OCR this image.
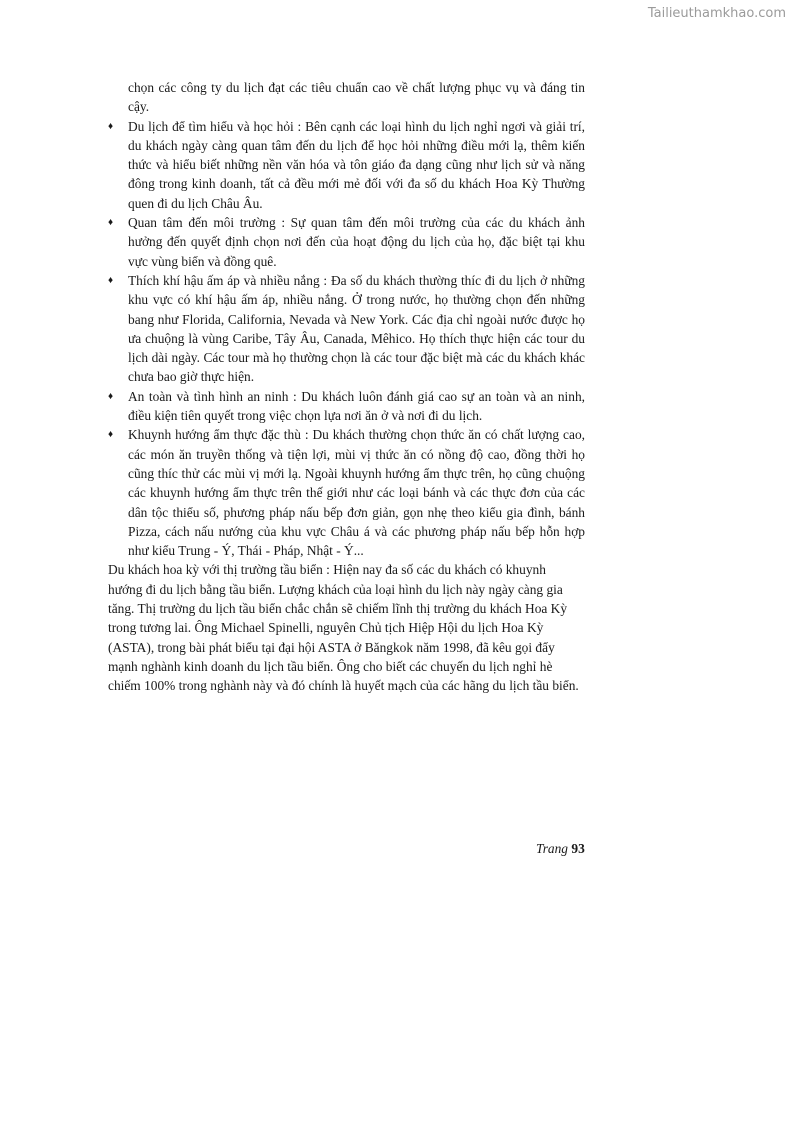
Tailieuthamkhao.com
chọn các công ty du lịch đạt các tiêu chuẩn cao về chất lượng phục vụ và đáng tin cậy.
♦ Du lịch để tìm hiểu và học hỏi : Bên cạnh các loại hình du lịch nghỉ ngơi và giải trí, du khách ngày càng quan tâm đến du lịch để học hỏi những điều mới lạ, thêm kiến thức và hiểu biết những nền văn hóa và tôn giáo đa dạng cũng như lịch sử và năng đông trong kinh doanh, tất cả đều mới mẻ đối với đa số du khách Hoa Kỳ Thường quen đi du lịch Châu Âu.
♦ Quan tâm đến môi trường : Sự quan tâm đến môi trường của các du khách ảnh hưởng đến quyết định chọn nơi đến của hoạt động du lịch của họ, đặc biệt tại khu vực vùng biển và đồng quê.
♦ Thích khí hậu ấm áp và nhiều nắng : Đa số du khách thường thíc đi du lịch ở những khu vực có khí hậu ấm áp, nhiều nắng. Ở trong nước, họ thường chọn đến những bang như Florida, California, Nevada và New York. Các địa chỉ ngoài nước được họ ưa chuộng là vùng Caribe, Tây Âu, Canada, Mêhico. Họ thích thực hiện các tour du lịch dài ngày. Các tour mà họ thường chọn là các tour đặc biệt mà các du khách khác chưa bao giờ thực hiện.
♦ An toàn và tình hình an ninh : Du khách luôn đánh giá cao sự an toàn và an ninh, điều kiện tiên quyết trong việc chọn lựa nơi ăn ở và nơi đi du lịch.
♦ Khuynh hướng ẩm thực đặc thù : Du khách thường chọn thức ăn có chất lượng cao, các món ăn truyền thống và tiện lợi, mùi vị thức ăn có nồng độ cao, đồng thời họ cũng thíc thử các mùi vị mới lạ. Ngoài khuynh hướng ẩm thực trên, họ cũng chuộng các khuynh hướng ẩm thực trên thế giới như các loại bánh và các thực đơn của các dân tộc thiểu số, phương pháp nấu bếp đơn giản, gọn nhẹ theo kiểu gia đình, bánh Pizza, cách nấu nướng của khu vực Châu á và các phương pháp nấu bếp hỗn hợp như kiểu Trung - Ý, Thái - Pháp, Nhật - Ý...
Du khách hoa kỳ với thị trường tầu biển : Hiện nay đa số các du khách có khuynh hướng đi du lịch bằng tầu biển. Lượng khách của loại hình du lịch này ngày càng gia tăng. Thị trường du lịch tầu biển chắc chắn sẽ chiếm lĩnh thị trường du khách Hoa Kỳ trong tương lai. Ông Michael Spinelli, nguyên Chủ tịch Hiệp Hội du lịch Hoa Kỳ (ASTA), trong bài phát biểu tại đại hội ASTA ở Băngkok năm 1998, đã kêu gọi đẩy mạnh nghành kinh doanh du lịch tầu biển. Ông cho biết các chuyến du lịch nghỉ hè chiếm 100% trong nghành này và đó chính là huyết mạch của các hãng du lịch tầu biển.
Trang 93
